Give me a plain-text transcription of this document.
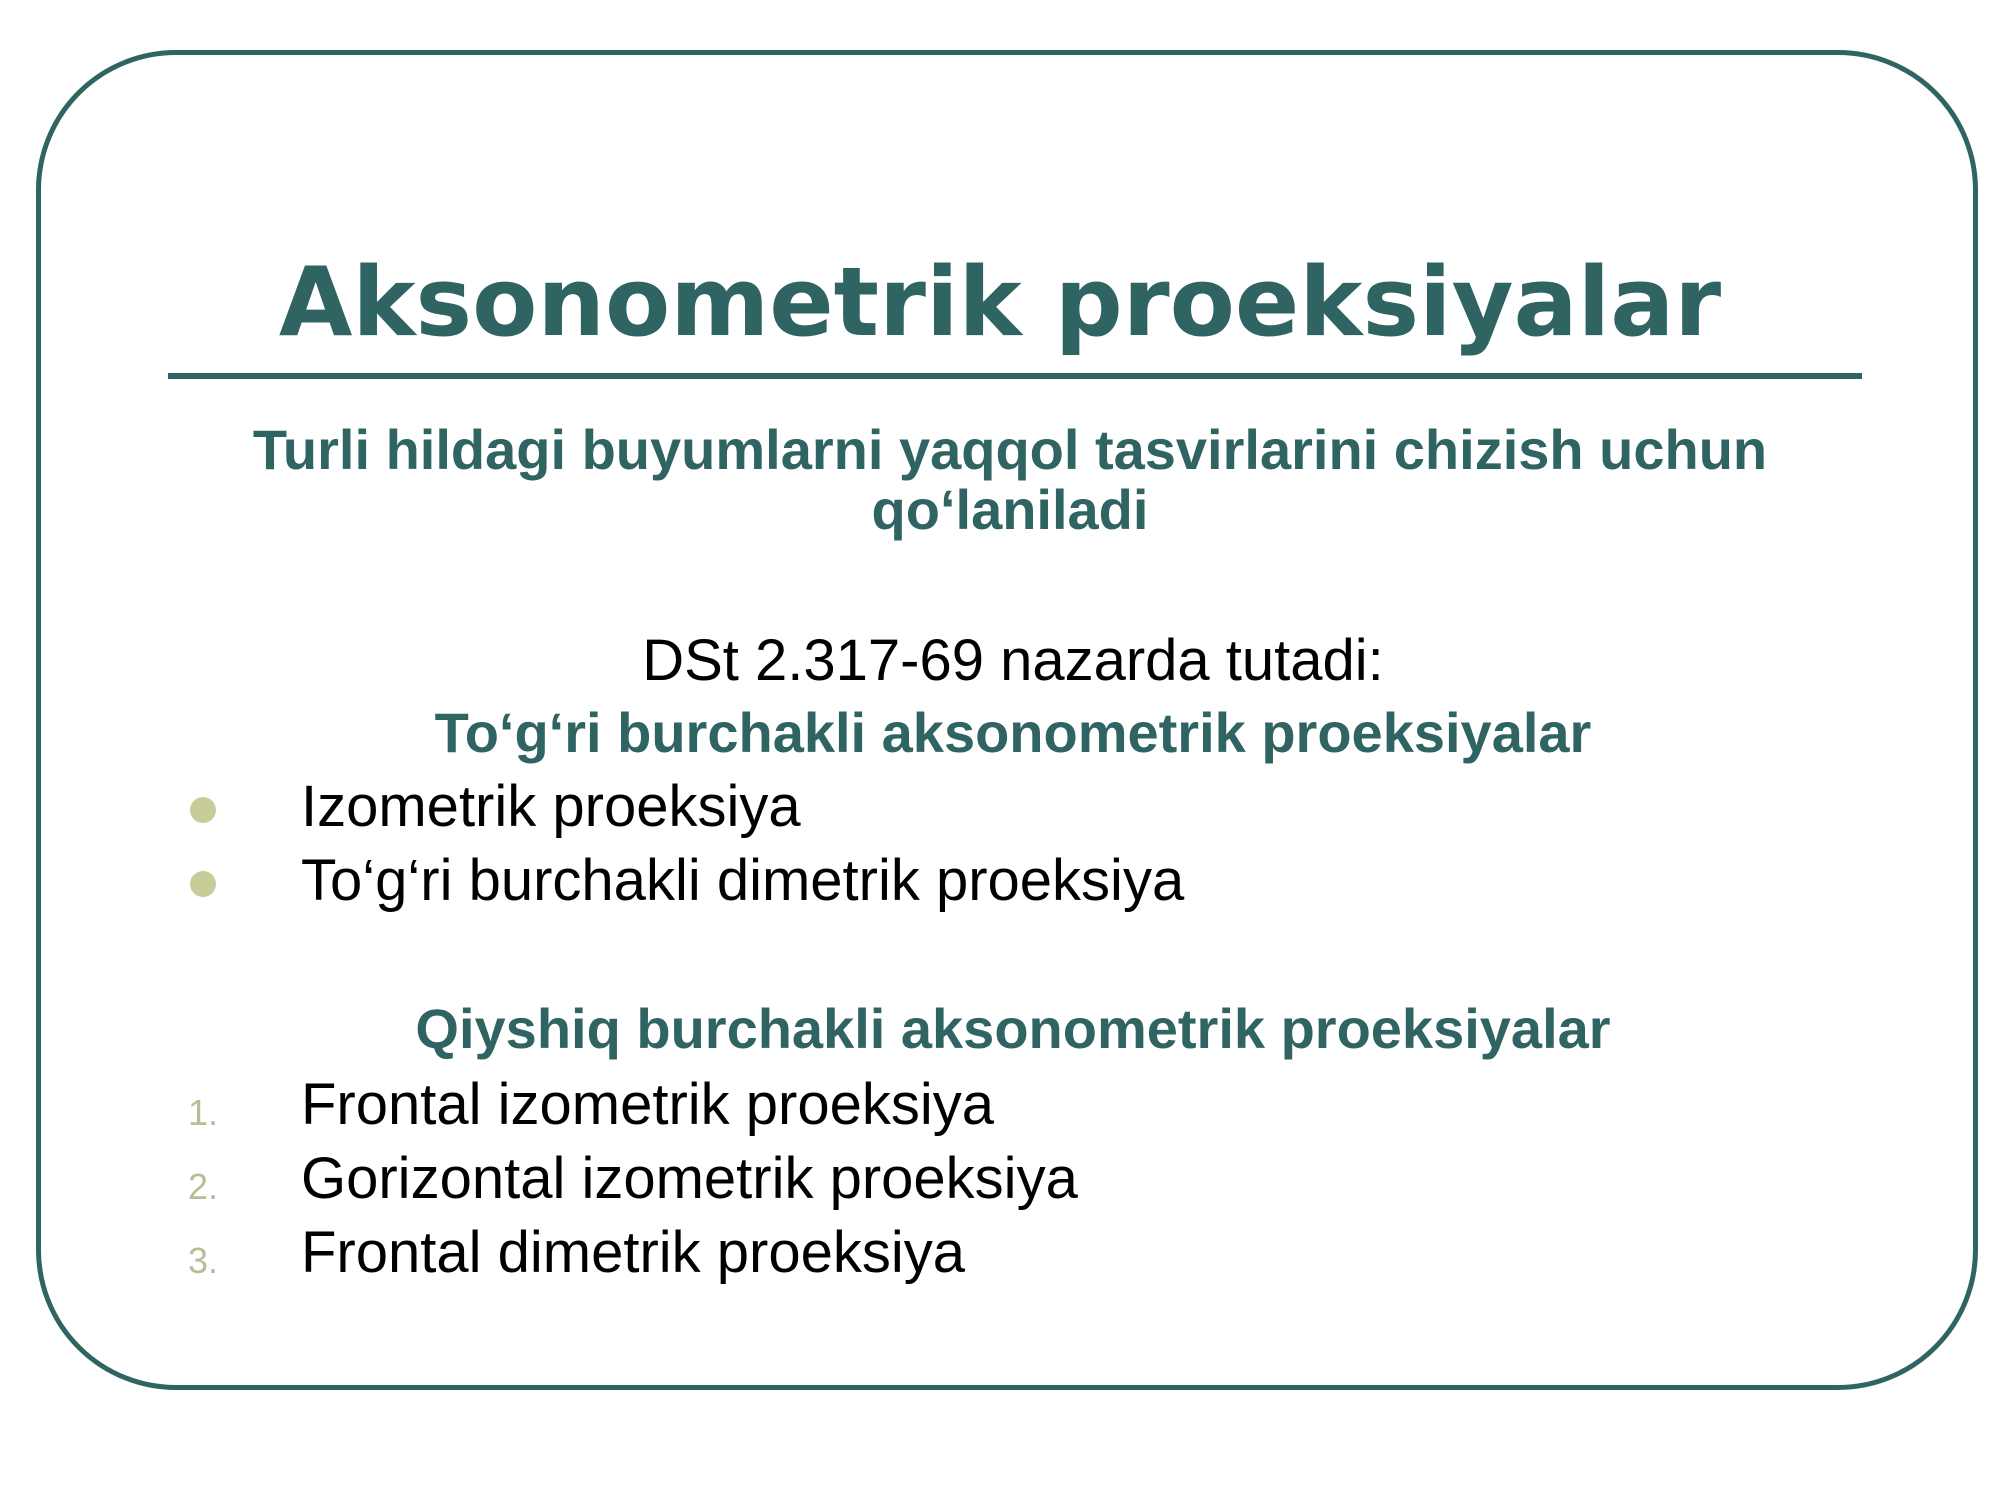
Aksonometrik proeksiyalar
Turli hildagi buyumlarni yaqqol tasvirlarini chizish uchun qo‘laniladi
DSt 2.317-69 nazarda tutadi:
To‘g‘ri burchakli aksonometrik proeksiyalar
Izometrik proeksiya
To‘g‘ri burchakli dimetrik proeksiya
Qiyshiq burchakli aksonometrik proeksiyalar
1. Frontal izometrik proeksiya
2. Gorizontal izometrik proeksiya
3. Frontal dimetrik proeksiya
